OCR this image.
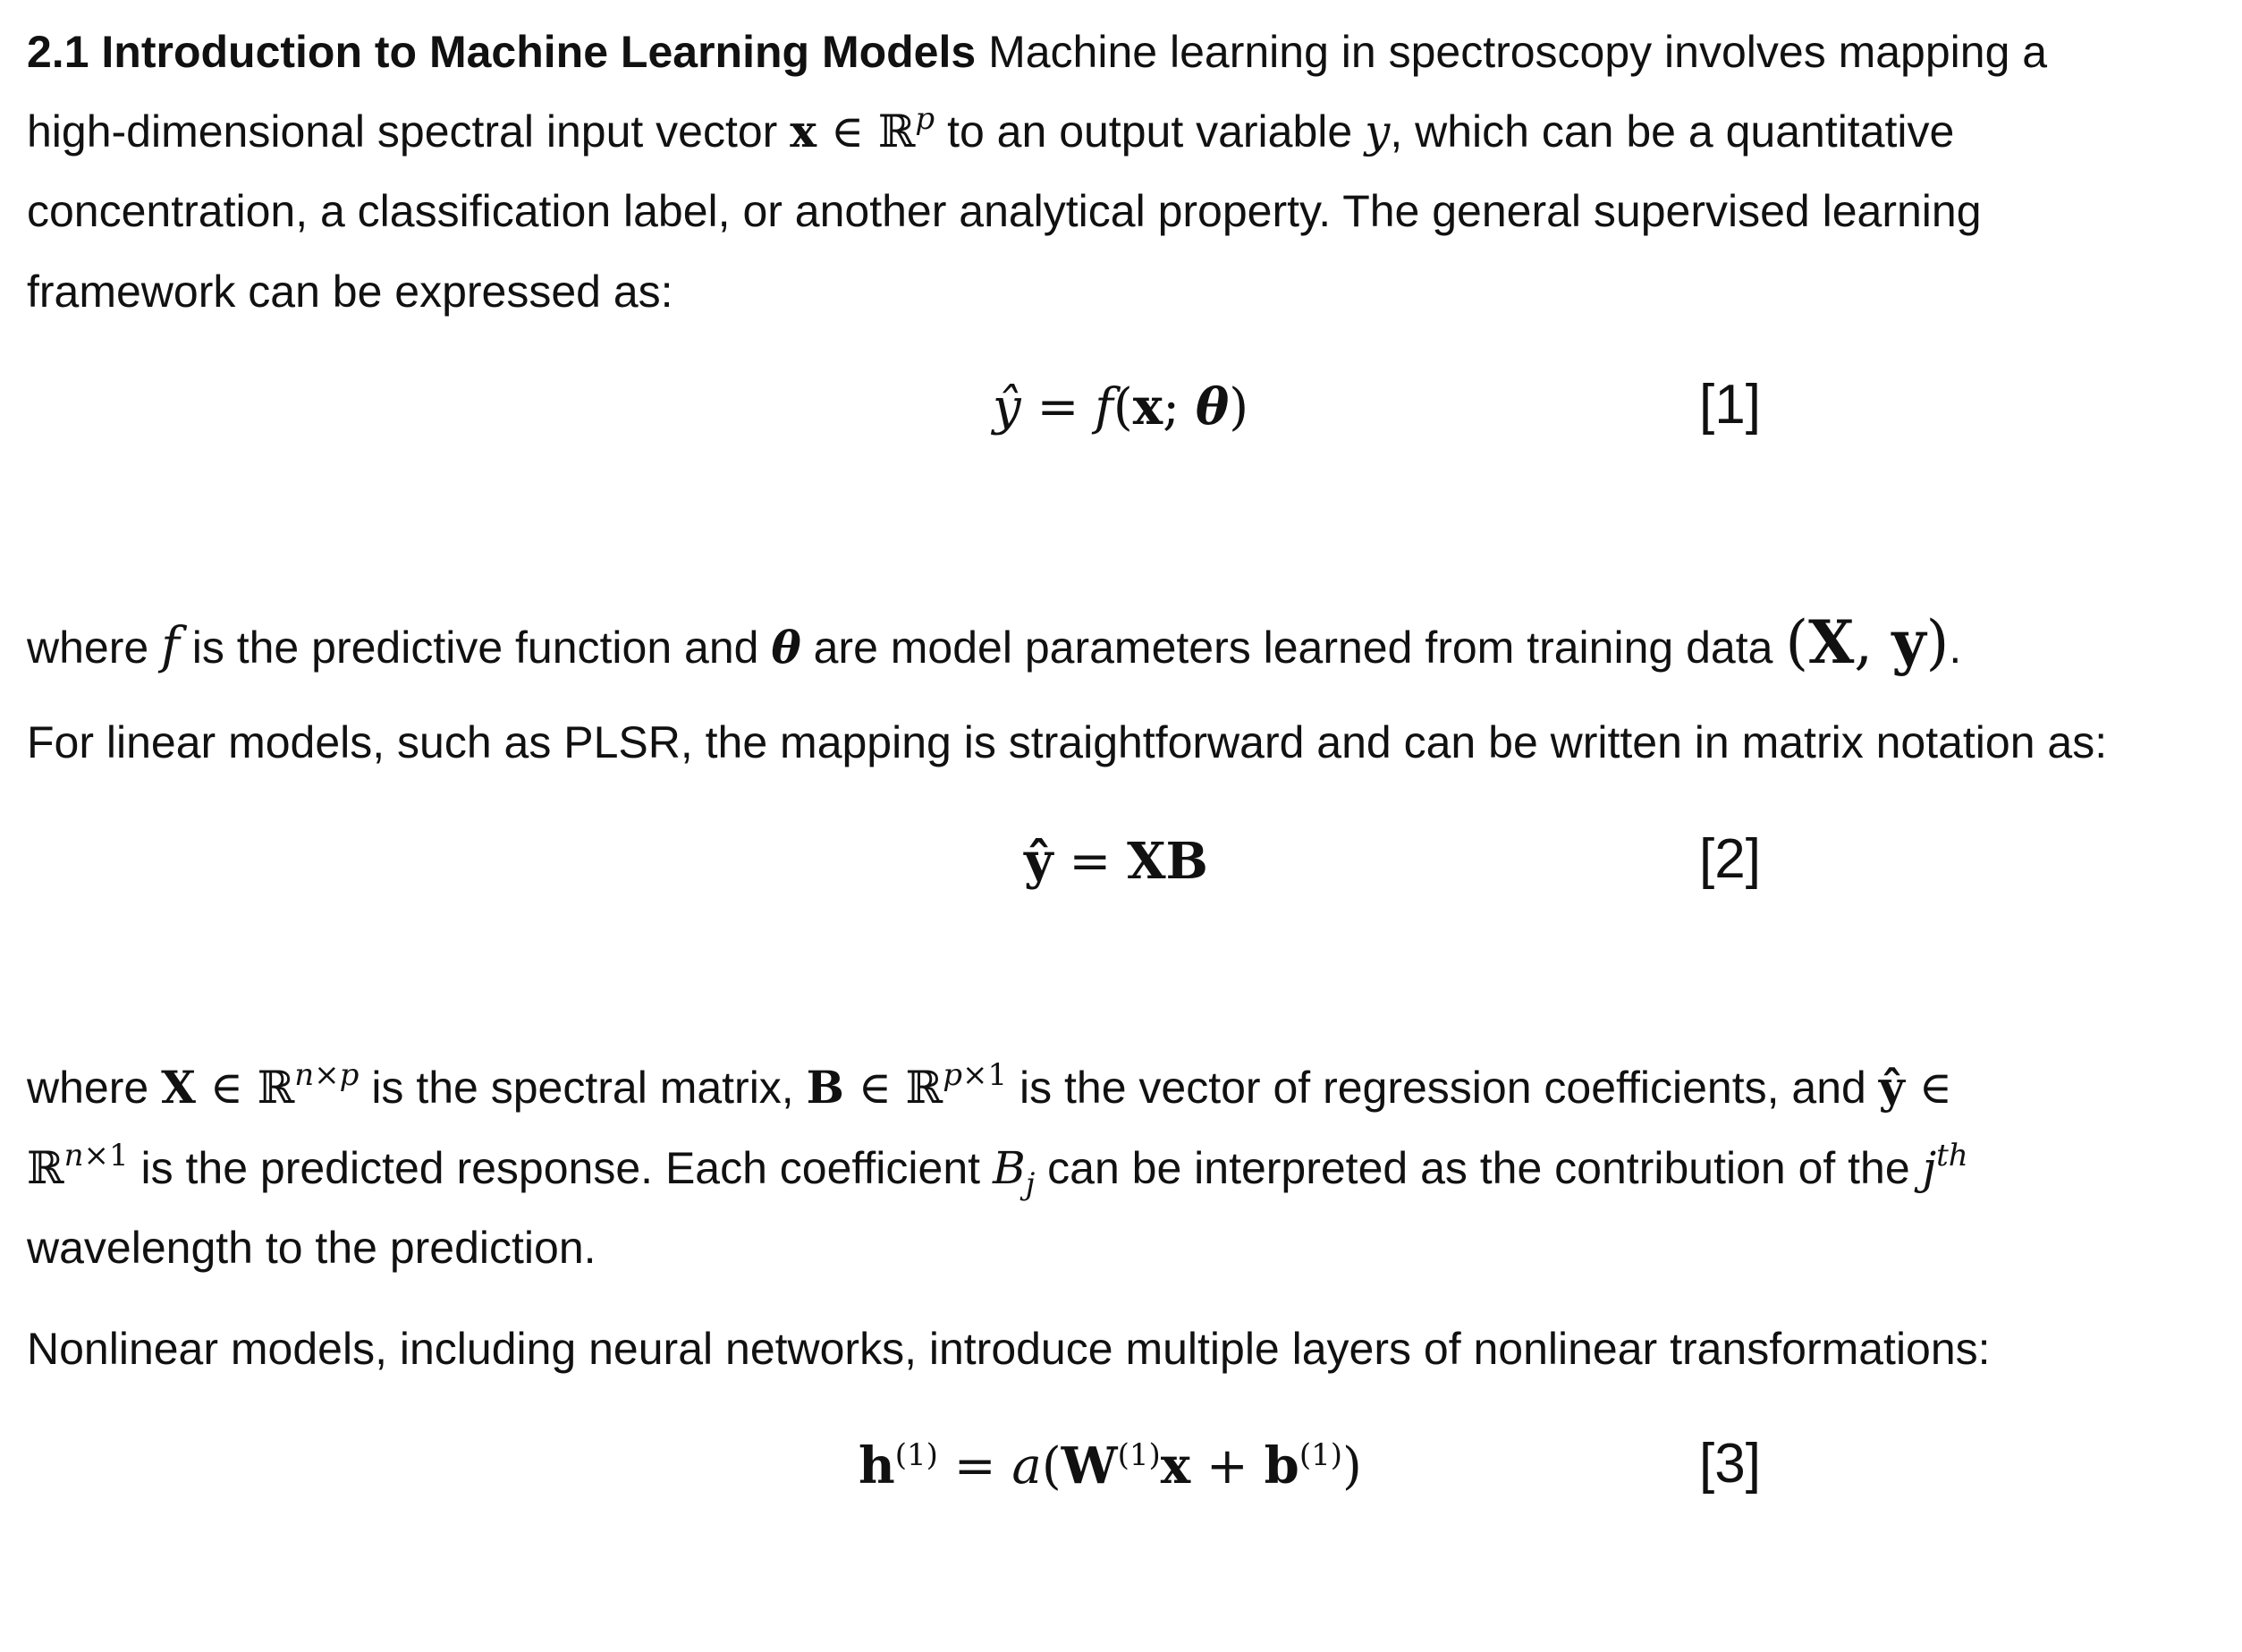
2.1 Introduction to Machine Learning Models Machine learning in spectroscopy involves mapping a
high-dimensional spectral input vector x ∈ ℝ$^p$ to an output variable y, which can be a quantitative
concentration, a classification label, or another analytical property. The general supervised learning
framework can be expressed as:
ŷ = f(x; θ)	[1]
where f is the predictive function and θ are model parameters learned from training data (X, y).
For linear models, such as PLSR, the mapping is straightforward and can be written in matrix notation as:
ŷ = XB	[2]
where X ∈ ℝ$^{n\times p}$ is the spectral matrix, B ∈ ℝ$^{p\times 1}$ is the vector of regression coefficients, and ŷ ∈
ℝ$^{n\times 1}$ is the predicted response. Each coefficient $B_j$ can be interpreted as the contribution of the $j^{th}$
wavelength to the prediction.
Nonlinear models, including neural networks, introduce multiple layers of nonlinear transformations:
$h^{(1)} = a(W^{(1)}x + b^{(1)})$	[3]
